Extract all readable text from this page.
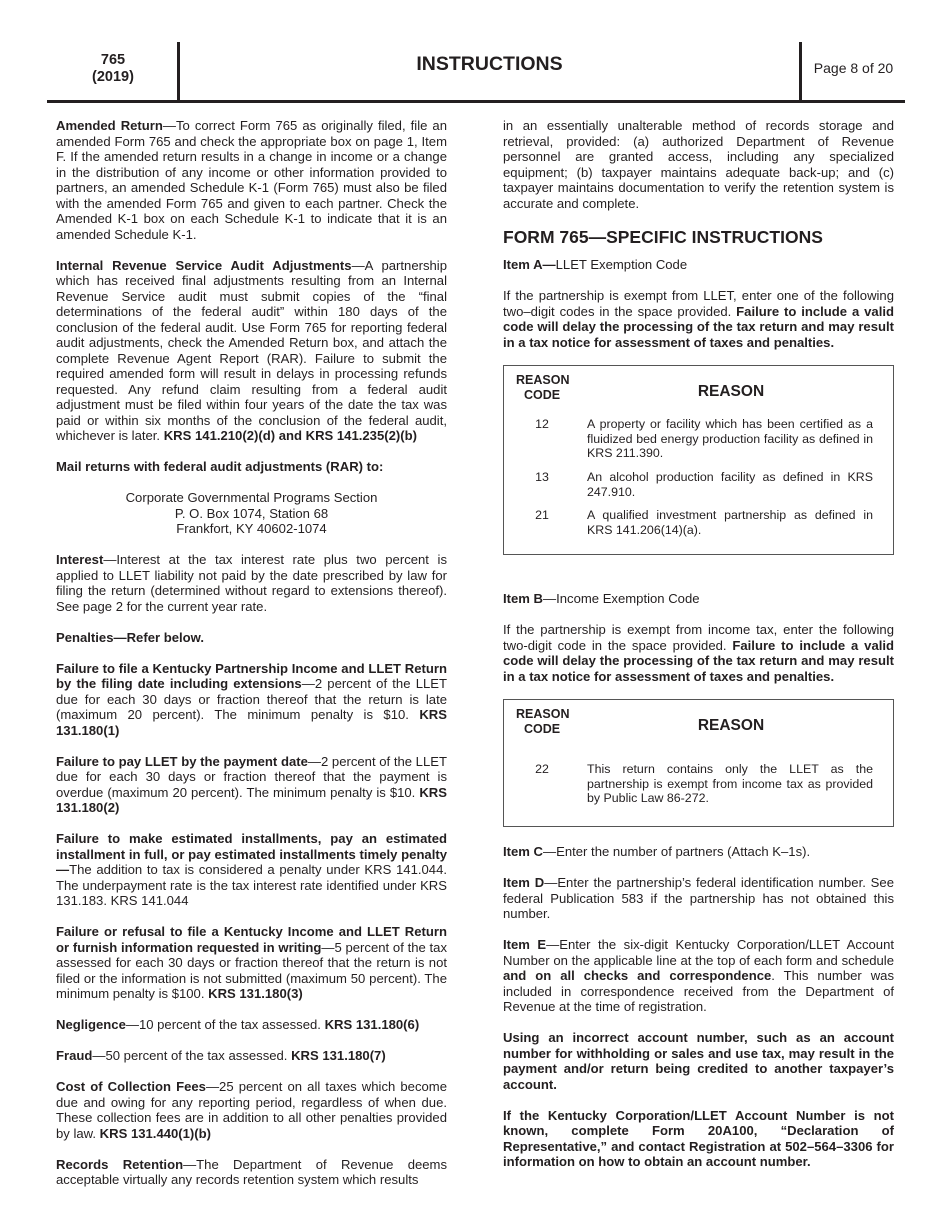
765
(2019)
INSTRUCTIONS	Page 8 of 20

Amended Return—To correct Form 765 as originally filed, file an amended Form 765 and check the appropriate box on page 1, Item F. If the amended return results in a change in income or a change in the distribution of any income or other information provided to partners, an amended Schedule K-1 (Form 765) must also be filed with the amended Form 765 and given to each partner. Check the Amended K-1 box on each Schedule K-1 to indicate that it is an amended Schedule K-1.

Internal Revenue Service Audit Adjustments—A partnership which has received final adjustments resulting from an Internal Revenue Service audit must submit copies of the “final determinations of the federal audit” within 180 days of the conclusion of the federal audit. Use Form 765 for reporting federal audit adjustments, check the Amended Return box, and attach the complete Revenue Agent Report (RAR). Failure to submit the required amended form will result in delays in processing refunds requested. Any refund claim resulting from a federal audit adjustment must be filed within four years of the date the tax was paid or within six months of the conclusion of the federal audit, whichever is later. KRS 141.210(2)(d) and KRS 141.235(2)(b)

Mail returns with federal audit adjustments (RAR) to:

Corporate Governmental Programs Section
P. O. Box 1074, Station 68
Frankfort, KY 40602-1074

Interest—Interest at the tax interest rate plus two percent is applied to LLET liability not paid by the date prescribed by law for filing the return (determined without regard to extensions thereof). See page 2 for the current year rate.

Penalties—Refer below.

Failure to file a Kentucky Partnership Income and LLET Return by the filing date including extensions—2 percent of the LLET due for each 30 days or fraction thereof that the return is late (maximum 20 percent). The minimum penalty is $10. KRS 131.180(1)

Failure to pay LLET by the payment date—2 percent of the LLET due for each 30 days or fraction thereof that the payment is overdue (maximum 20 percent). The minimum penalty is $10. KRS 131.180(2)

Failure to make estimated installments, pay an estimated installment in full, or pay estimated installments timely penalty—The addition to tax is considered a penalty under KRS 141.044. The underpayment rate is the tax interest rate identified under KRS 131.183. KRS 141.044

Failure or refusal to file a Kentucky Income and LLET Return or furnish information requested in writing—5 percent of the tax assessed for each 30 days or fraction thereof that the return is not filed or the information is not submitted (maximum 50 percent). The minimum penalty is $100. KRS 131.180(3)

Negligence—10 percent of the tax assessed. KRS 131.180(6)

Fraud—50 percent of the tax assessed. KRS 131.180(7)

Cost of Collection Fees—25 percent on all taxes which become due and owing for any reporting period, regardless of when due. These collection fees are in addition to all other penalties provided by law. KRS 131.440(1)(b)

Records Retention—The Department of Revenue deems acceptable virtually any records retention system which results

in an essentially unalterable method of records storage and retrieval, provided: (a) authorized Department of Revenue personnel are granted access, including any specialized equipment; (b) taxpayer maintains adequate back-up; and (c) taxpayer maintains documentation to verify the retention system is accurate and complete.

FORM 765—SPECIFIC INSTRUCTIONS

Item A—LLET Exemption Code

If the partnership is exempt from LLET, enter one of the following two–digit codes in the space provided. Failure to include a valid code will delay the processing of the tax return and may result in a tax notice for assessment of taxes and penalties.

REASON CODE	REASON
12	A property or facility which has been certified as a fluidized bed energy production facility as defined in KRS 211.390.
13	An alcohol production facility as defined in KRS 247.910.
21	A qualified investment partnership as defined in KRS 141.206(14)(a).

Item B—Income Exemption Code

If the partnership is exempt from income tax, enter the following two-digit code in the space provided. Failure to include a valid code will delay the processing of the tax return and may result in a tax notice for assessment of taxes and penalties.

REASON CODE	REASON
22	This return contains only the LLET as the partnership is exempt from income tax as provided by Public Law 86-272.

Item C—Enter the number of partners (Attach K–1s).

Item D—Enter the partnership’s federal identification number. See federal Publication 583 if the partnership has not obtained this number.

Item E—Enter the six-digit Kentucky Corporation/LLET Account Number on the applicable line at the top of each form and schedule and on all checks and correspondence. This number was included in correspondence received from the Department of Revenue at the time of registration.

Using an incorrect account number, such as an account number for withholding or sales and use tax, may result in the payment and/or return being credited to another taxpayer’s account.

If the Kentucky Corporation/LLET Account Number is not known, complete Form 20A100, “Declaration of Representative,” and contact Registration at 502–564–3306 for information on how to obtain an account number.
